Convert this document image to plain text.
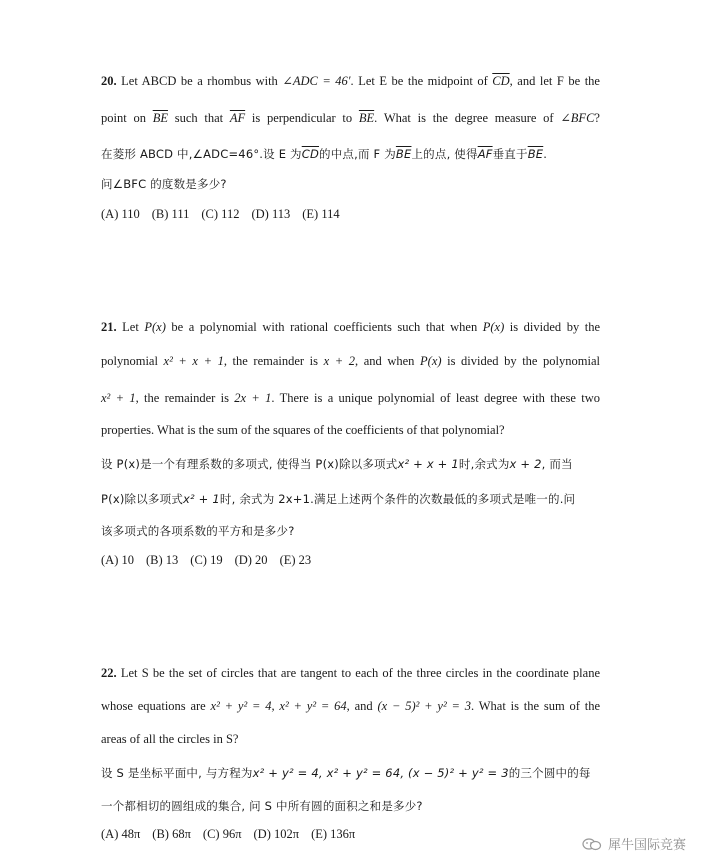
20. Let ABCD be a rhombus with ∠ADC = 46′. Let E be the midpoint of $\overline{CD}$, and let F be the
point on $\overline{BE}$ such that $\overline{AF}$ is perpendicular to $\overline{BE}$. What is the degree measure of ∠BFC?
在菱形 ABCD 中,∠ADC=46°.设 E 为$\overline{CD}$的中点,而 F 为$\overline{BE}$上的点, 使得$\overline{AF}$垂直于$\overline{BE}$.
问∠BFC 的度数是多少?
(A) 110 (B) 111 (C) 112 (D) 113 (E) 114
21. Let P(x) be a polynomial with rational coefficients such that when P(x) is divided by the
polynomial x² + x + 1, the remainder is x + 2, and when P(x) is divided by the polynomial
x² + 1, the remainder is 2x + 1. There is a unique polynomial of least degree with these two
properties. What is the sum of the squares of the coefficients of that polynomial?
设 P(x)是一个有理系数的多项式, 使得当 P(x)除以多项式x² + x + 1时,余式为x + 2, 而当
P(x)除以多项式x² + 1时, 余式为 2x+1.满足上述两个条件的次数最低的多项式是唯一的.问
该多项式的各项系数的平方和是多少?
(A) 10 (B) 13 (C) 19 (D) 20 (E) 23
22. Let S be the set of circles that are tangent to each of the three circles in the coordinate plane
whose equations are x² + y² = 4, x² + y² = 64, and (x − 5)² + y² = 3. What is the sum of the
areas of all the circles in S?
设 S 是坐标平面中, 与方程为x² + y² = 4, x² + y² = 64, (x − 5)² + y² = 3的三个圆中的每
一个都相切的圆组成的集合, 问 S 中所有圆的面积之和是多少?
(A) 48π (B) 68π (C) 96π (D) 102π (E) 136π
犀牛国际竞赛
